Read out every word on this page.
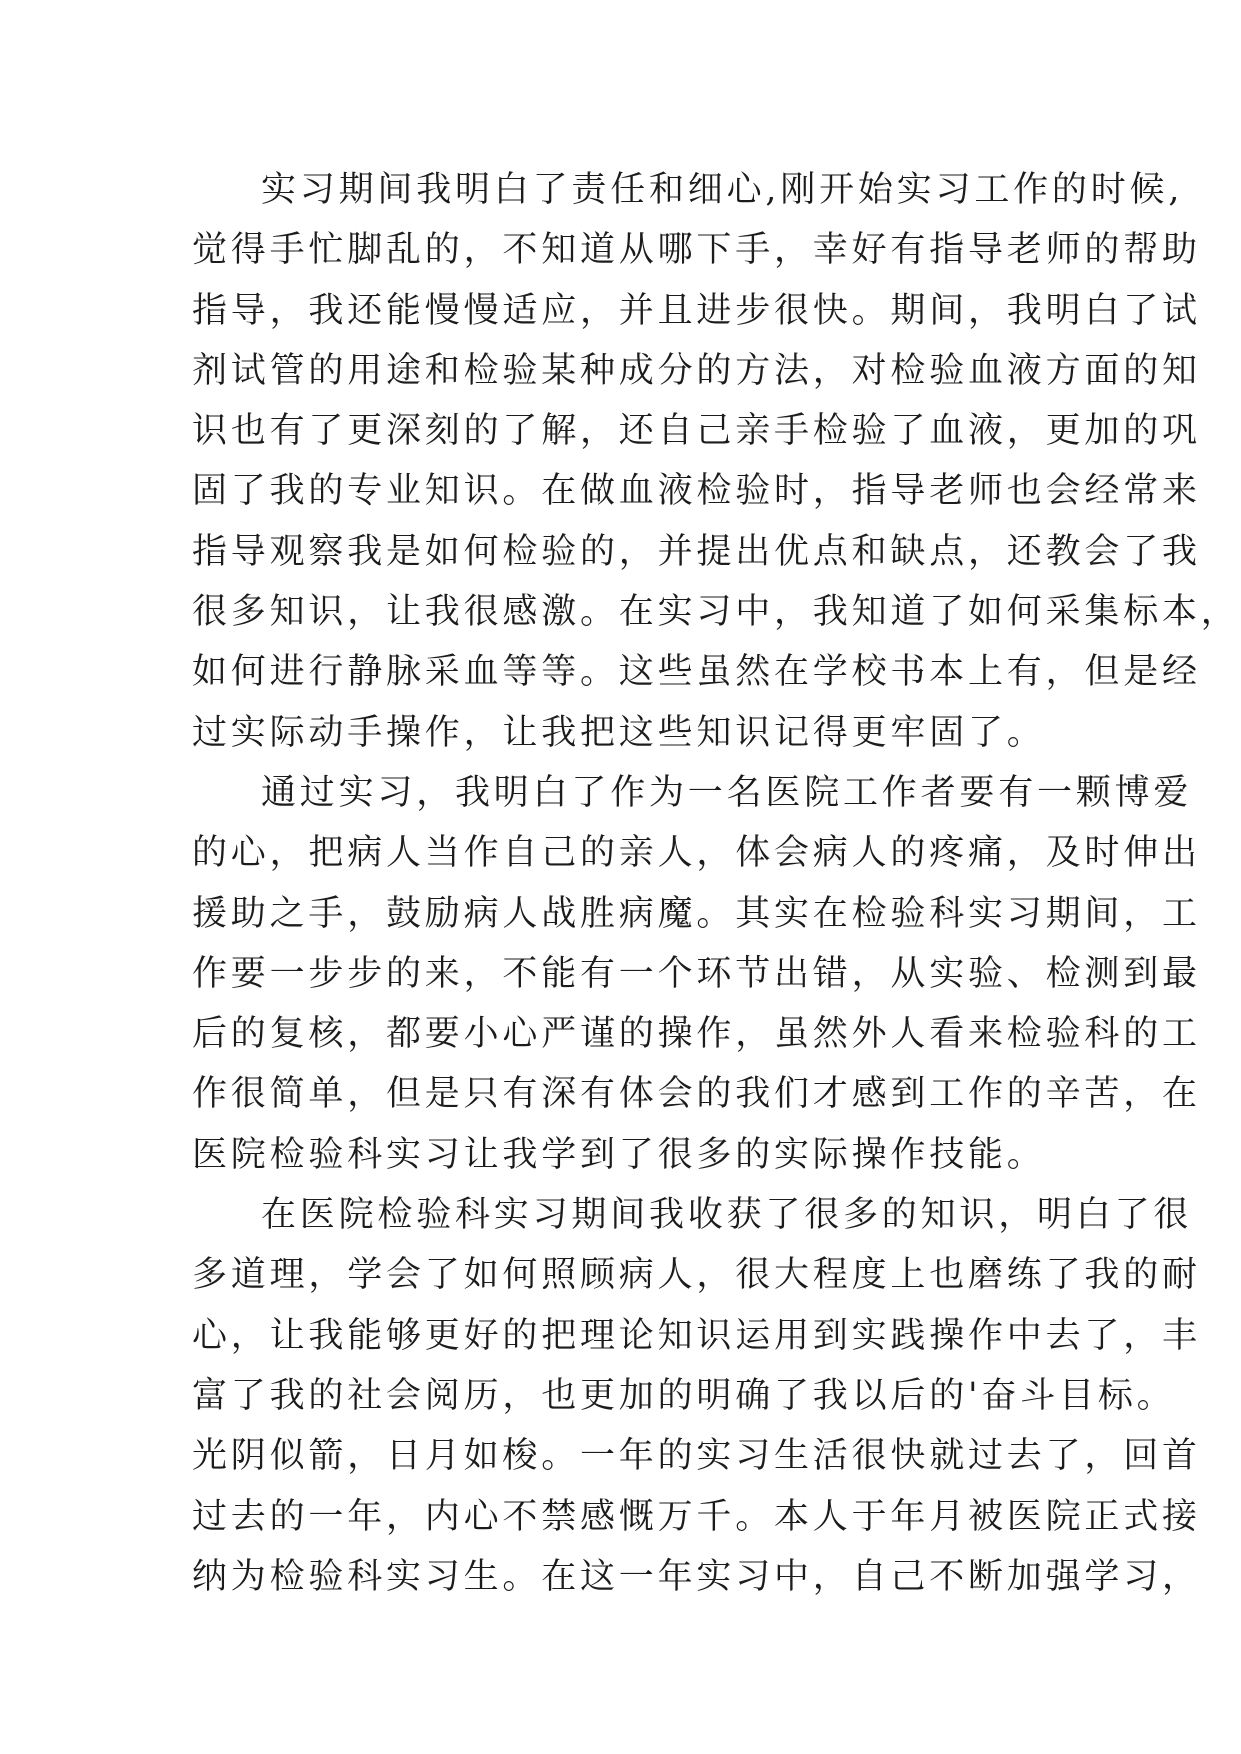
实习期间我明白了责任和细心,刚开始实习工作的时候,
觉得手忙脚乱的，不知道从哪下手，幸好有指导老师的帮助
指导，我还能慢慢适应，并且进步很快。期间，我明白了试
剂试管的用途和检验某种成分的方法，对检验血液方面的知
识也有了更深刻的了解，还自己亲手检验了血液，更加的巩
固了我的专业知识。在做血液检验时，指导老师也会经常来
指导观察我是如何检验的，并提出优点和缺点，还教会了我
很多知识，让我很感激。在实习中，我知道了如何采集标本，
如何进行静脉采血等等。这些虽然在学校书本上有，但是经
过实际动手操作，让我把这些知识记得更牢固了。
通过实习，我明白了作为一名医院工作者要有一颗博爱
的心，把病人当作自己的亲人，体会病人的疼痛，及时伸出
援助之手，鼓励病人战胜病魔。其实在检验科实习期间，工
作要一步步的来，不能有一个环节出错，从实验、检测到最
后的复核，都要小心严谨的操作，虽然外人看来检验科的工
作很简单，但是只有深有体会的我们才感到工作的辛苦，在
医院检验科实习让我学到了很多的实际操作技能。
在医院检验科实习期间我收获了很多的知识，明白了很
多道理，学会了如何照顾病人，很大程度上也磨练了我的耐
心，让我能够更好的把理论知识运用到实践操作中去了，丰
富了我的社会阅历，也更加的明确了我以后的'奋斗目标。
光阴似箭，日月如梭。一年的实习生活很快就过去了，回首
过去的一年，内心不禁感慨万千。本人于年月被医院正式接
纳为检验科实习生。在这一年实习中，自己不断加强学习，
